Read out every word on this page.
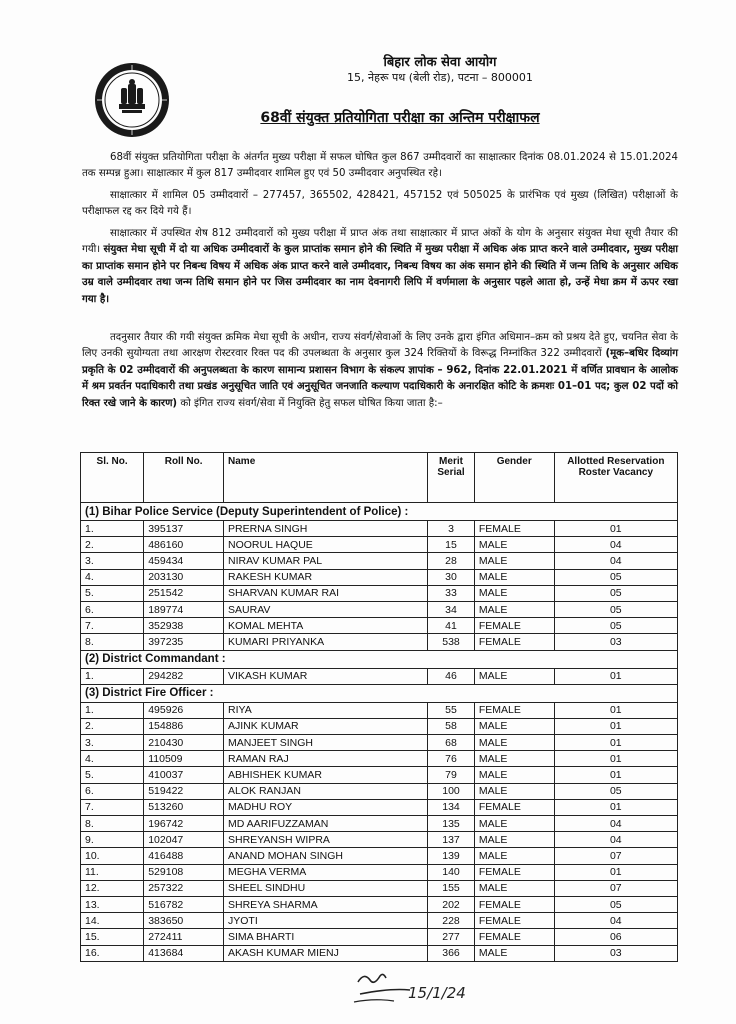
बिहार लोक सेवा आयोग
15, नेहरू पथ (बेली रोड), पटना – 800001
68वीं संयुक्त प्रतियोगिता परीक्षा का अन्तिम परीक्षाफल
68वीं संयुक्त प्रतियोगिता परीक्षा के अंतर्गत मुख्य परीक्षा में सफल घोषित कुल 867 उम्मीदवारों का साक्षात्कार दिनांक 08.01.2024 से 15.01.2024 तक सम्पन्न हुआ। साक्षात्कार में कुल 817 उम्मीदवार शामिल हुए एवं 50 उम्मीदवार अनुपस्थित रहे।
साक्षात्कार में शामिल 05 उम्मीदवारों – 277457, 365502, 428421, 457152 एवं 505025 के प्रारंभिक एवं मुख्य (लिखित) परीक्षाओं के परीक्षाफल रद्द कर दिये गये हैं।
साक्षात्कार में उपस्थित शेष 812 उम्मीदवारों को मुख्य परीक्षा में प्राप्त अंक तथा साक्षात्कार में प्राप्त अंकों के योग के अनुसार संयुक्त मेधा सूची तैयार की गयी। संयुक्त मेधा सूची में दो या अधिक उम्मीदवारों के कुल प्राप्तांक समान होने की स्थिति में मुख्य परीक्षा में अधिक अंक प्राप्त करने वाले उम्मीदवार, मुख्य परीक्षा का प्राप्तांक समान होने पर निबन्ध विषय में अधिक अंक प्राप्त करने वाले उम्मीदवार, निबन्ध विषय का अंक समान होने की स्थिति में जन्म तिथि के अनुसार अधिक उम्र वाले उम्मीदवार तथा जन्म तिथि समान होने पर जिस उम्मीदवार का नाम देवनागरी लिपि में वर्णमाला के अनुसार पहले आता हो, उन्हें मेधा क्रम में ऊपर रखा गया है।
तदनुसार तैयार की गयी संयुक्त क्रमिक मेधा सूची के अधीन, राज्य संवर्ग/सेवाओं के लिए उनके द्वारा इंगित अधिमान–क्रम को प्रश्रय देते हुए, चयनित सेवा के लिए उनकी सुयोग्यता तथा आरक्षण रोस्टरवार रिक्त पद की उपलब्धता के अनुसार कुल 324 रिक्तियों के विरूद्ध निम्नांकित 322 उम्मीदवारों (मूक–बधिर दिव्यांग प्रकृति के 02 उम्मीदवारों की अनुपलब्धता के कारण सामान्य प्रशासन विभाग के संकल्प ज्ञापांक – 962, दिनांक 22.01.2021 में वर्णित प्रावधान के आलोक में श्रम प्रवर्तन पदाधिकारी तथा प्रखंड अनुसूचित जाति एवं अनुसूचित जनजाति कल्याण पदाधिकारी के अनारक्षित कोटि के क्रमशः 01–01 पद; कुल 02 पदों को रिक्त रखे जाने के कारण) को इंगित राज्य संवर्ग/सेवा में नियुक्ति हेतु सफल घोषित किया जाता है:–
Sl. No.	Roll No.	Name	Merit Serial	Gender	Allotted Reservation Roster Vacancy
(1) Bihar Police Service (Deputy Superintendent of Police) :					
1.	395137	PRERNA SINGH	3	FEMALE	01
2.	486160	NOORUL HAQUE	15	MALE	04
3.	459434	NIRAV KUMAR PAL	28	MALE	04
4.	203130	RAKESH KUMAR	30	MALE	05
5.	251542	SHARVAN KUMAR RAI	33	MALE	05
6.	189774	SAURAV	34	MALE	05
7.	352938	KOMAL MEHTA	41	FEMALE	05
8.	397235	KUMARI PRIYANKA	538	FEMALE	03
(2) District Commandant :					
1.	294282	VIKASH KUMAR	46	MALE	01
(3) District Fire Officer :					
1.	495926	RIYA	55	FEMALE	01
2.	154886	AJINK KUMAR	58	MALE	01
3.	210430	MANJEET SINGH	68	MALE	01
4.	110509	RAMAN RAJ	76	MALE	01
5.	410037	ABHISHEK KUMAR	79	MALE	01
6.	519422	ALOK RANJAN	100	MALE	05
7.	513260	MADHU ROY	134	FEMALE	01
8.	196742	MD AARIFUZZAMAN	135	MALE	04
9.	102047	SHREYANSH WIPRA	137	MALE	04
10.	416488	ANAND MOHAN SINGH	139	MALE	07
11.	529108	MEGHA VERMA	140	FEMALE	01
12.	257322	SHEEL SINDHU	155	MALE	07
13.	516782	SHREYA SHARMA	202	FEMALE	05
14.	383650	JYOTI	228	FEMALE	04
15.	272411	SIMA BHARTI	277	FEMALE	06
16.	413684	AKASH KUMAR MIENJ	366	MALE	03
15/1/24
